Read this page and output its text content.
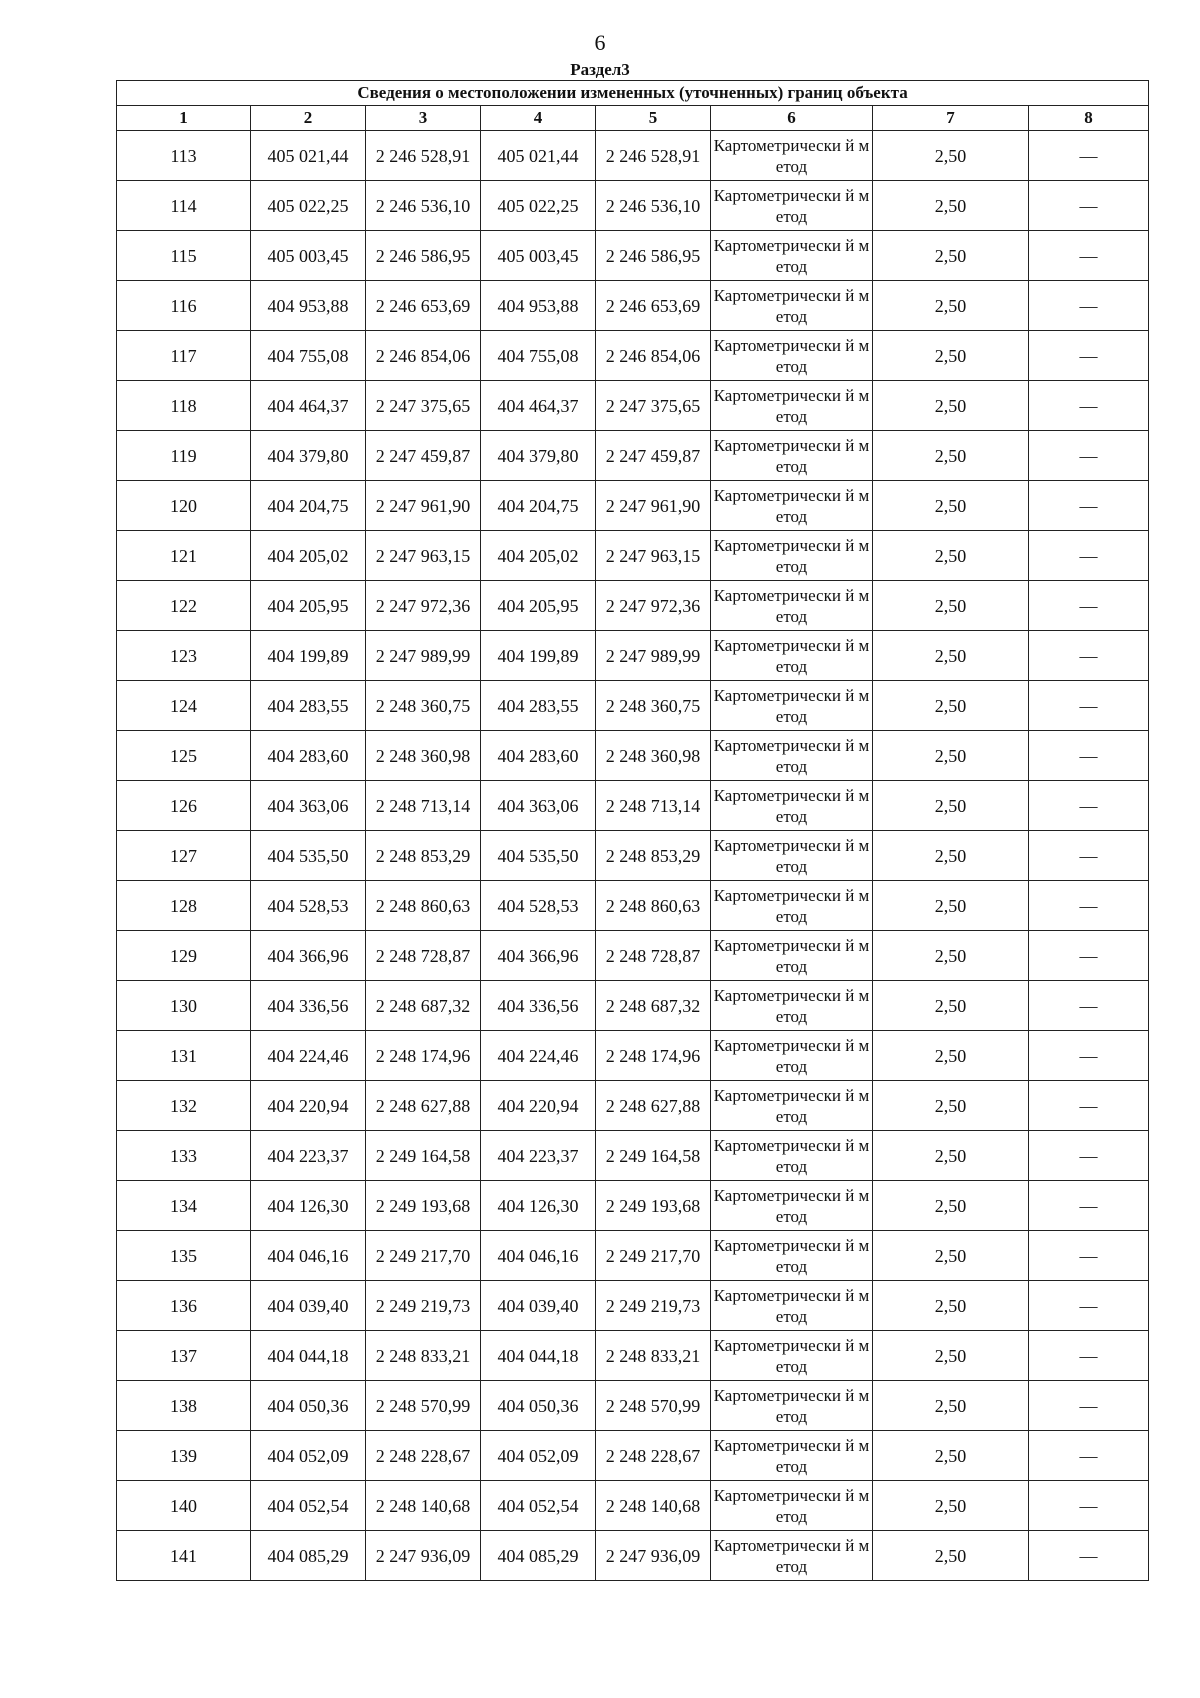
6
Раздел3
Сведения о местоположении измененных (уточненных) границ объекта							
1	2	3	4	5	6	7	8
113	405 021,44	2 246 528,91	405 021,44	2 246 528,91	Картометрически й метод	2,50	—
114	405 022,25	2 246 536,10	405 022,25	2 246 536,10	Картометрически й метод	2,50	—
115	405 003,45	2 246 586,95	405 003,45	2 246 586,95	Картометрически й метод	2,50	—
116	404 953,88	2 246 653,69	404 953,88	2 246 653,69	Картометрически й метод	2,50	—
117	404 755,08	2 246 854,06	404 755,08	2 246 854,06	Картометрически й метод	2,50	—
118	404 464,37	2 247 375,65	404 464,37	2 247 375,65	Картометрически й метод	2,50	—
119	404 379,80	2 247 459,87	404 379,80	2 247 459,87	Картометрически й метод	2,50	—
120	404 204,75	2 247 961,90	404 204,75	2 247 961,90	Картометрически й метод	2,50	—
121	404 205,02	2 247 963,15	404 205,02	2 247 963,15	Картометрически й метод	2,50	—
122	404 205,95	2 247 972,36	404 205,95	2 247 972,36	Картометрически й метод	2,50	—
123	404 199,89	2 247 989,99	404 199,89	2 247 989,99	Картометрически й метод	2,50	—
124	404 283,55	2 248 360,75	404 283,55	2 248 360,75	Картометрически й метод	2,50	—
125	404 283,60	2 248 360,98	404 283,60	2 248 360,98	Картометрически й метод	2,50	—
126	404 363,06	2 248 713,14	404 363,06	2 248 713,14	Картометрически й метод	2,50	—
127	404 535,50	2 248 853,29	404 535,50	2 248 853,29	Картометрически й метод	2,50	—
128	404 528,53	2 248 860,63	404 528,53	2 248 860,63	Картометрически й метод	2,50	—
129	404 366,96	2 248 728,87	404 366,96	2 248 728,87	Картометрически й метод	2,50	—
130	404 336,56	2 248 687,32	404 336,56	2 248 687,32	Картометрически й метод	2,50	—
131	404 224,46	2 248 174,96	404 224,46	2 248 174,96	Картометрически й метод	2,50	—
132	404 220,94	2 248 627,88	404 220,94	2 248 627,88	Картометрически й метод	2,50	—
133	404 223,37	2 249 164,58	404 223,37	2 249 164,58	Картометрически й метод	2,50	—
134	404 126,30	2 249 193,68	404 126,30	2 249 193,68	Картометрически й метод	2,50	—
135	404 046,16	2 249 217,70	404 046,16	2 249 217,70	Картометрически й метод	2,50	—
136	404 039,40	2 249 219,73	404 039,40	2 249 219,73	Картометрически й метод	2,50	—
137	404 044,18	2 248 833,21	404 044,18	2 248 833,21	Картометрически й метод	2,50	—
138	404 050,36	2 248 570,99	404 050,36	2 248 570,99	Картометрически й метод	2,50	—
139	404 052,09	2 248 228,67	404 052,09	2 248 228,67	Картометрически й метод	2,50	—
140	404 052,54	2 248 140,68	404 052,54	2 248 140,68	Картометрически й метод	2,50	—
141	404 085,29	2 247 936,09	404 085,29	2 247 936,09	Картометрически й метод	2,50	—
